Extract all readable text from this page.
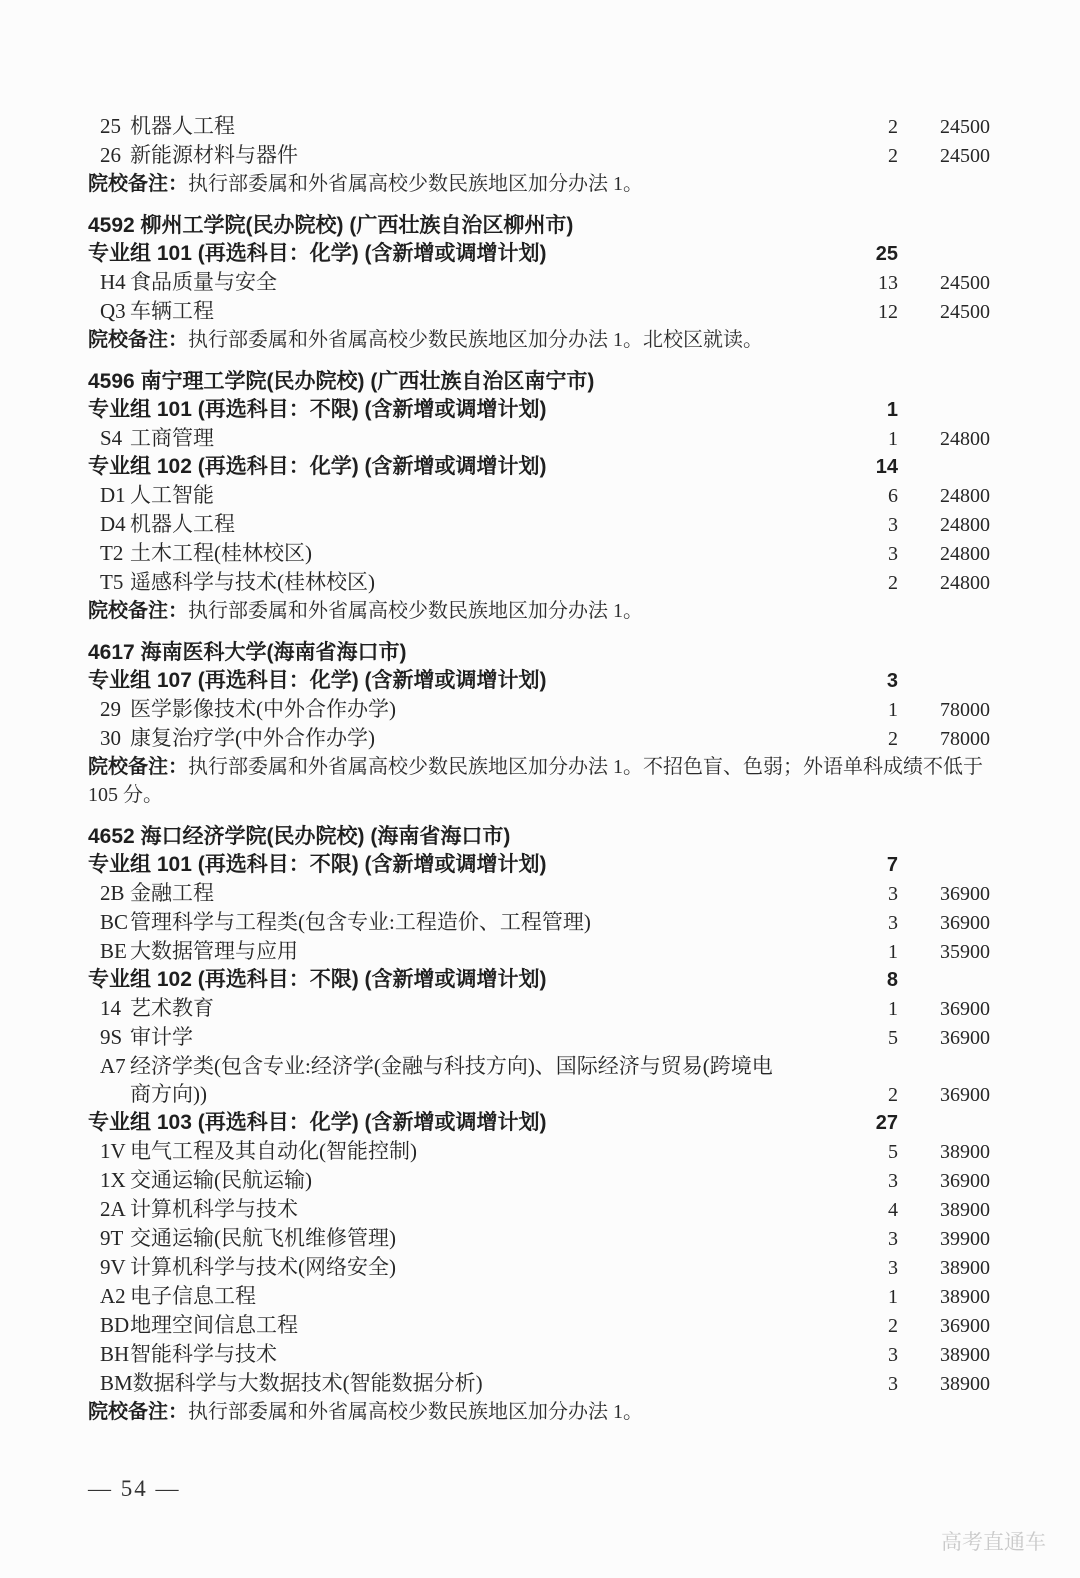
25 机器人工程	2	24500
26 新能源材料与器件	2	24500
院校备注：执行部委属和外省属高校少数民族地区加分办法 1。
4592 柳州工学院(民办院校) (广西壮族自治区柳州市)
专业组 101 (再选科目：化学) (含新增或调增计划)	25
H4 食品质量与安全	13	24500
Q3 车辆工程	12	24500
院校备注：执行部委属和外省属高校少数民族地区加分办法 1。北校区就读。
4596 南宁理工学院(民办院校) (广西壮族自治区南宁市)
专业组 101 (再选科目：不限) (含新增或调增计划)	1
S4 工商管理	1	24800
专业组 102 (再选科目：化学) (含新增或调增计划)	14
D1 人工智能	6	24800
D4 机器人工程	3	24800
T2 土木工程(桂林校区)	3	24800
T5 遥感科学与技术(桂林校区)	2	24800
院校备注：执行部委属和外省属高校少数民族地区加分办法 1。
4617 海南医科大学(海南省海口市)
专业组 107 (再选科目：化学) (含新增或调增计划)	3
29 医学影像技术(中外合作办学)	1	78000
30 康复治疗学(中外合作办学)	2	78000
院校备注：执行部委属和外省属高校少数民族地区加分办法 1。不招色盲、色弱；外语单科成绩不低于 105 分。
4652 海口经济学院(民办院校) (海南省海口市)
专业组 101 (再选科目：不限) (含新增或调增计划)	7
2B 金融工程	3	36900
BC管理科学与工程类(包含专业:工程造价、工程管理)	3	36900
BE 大数据管理与应用	1	35900
专业组 102 (再选科目：不限) (含新增或调增计划)	8
14 艺术教育	1	36900
9S 审计学	5	36900
A7 经济学类(包含专业:经济学(金融与科技方向)、国际经济与贸易(跨境电
商方向))	2	36900
专业组 103 (再选科目：化学) (含新增或调增计划)	27
1V 电气工程及其自动化(智能控制)	5	38900
1X 交通运输(民航运输)	3	36900
2A 计算机科学与技术	4	38900
9T 交通运输(民航飞机维修管理)	3	39900
9V 计算机科学与技术(网络安全)	3	38900
A2 电子信息工程	1	38900
BD地理空间信息工程	2	36900
BH智能科学与技术	3	38900
BM数据科学与大数据技术(智能数据分析)	3	38900
院校备注：执行部委属和外省属高校少数民族地区加分办法 1。
— 54 —
高考直通车
